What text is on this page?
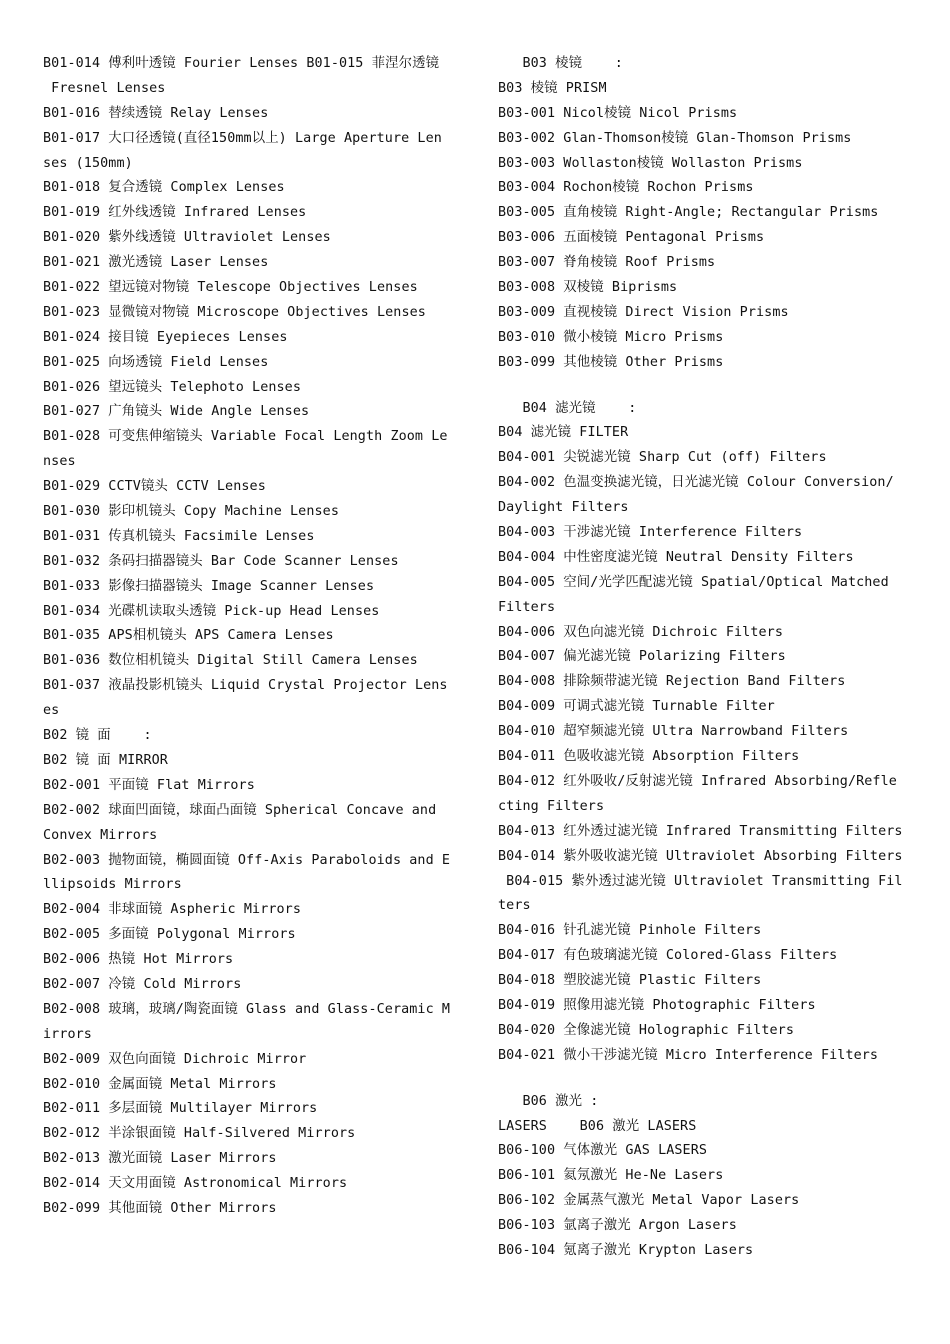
B01-014 傅利叶透镜 Fourier Lenses B01-015 菲涅尔透镜
Fresnel Lenses
B01-016 替续透镜 Relay Lenses
B01-017 大口径透镜(直径150mm以上) Large Aperture Len
ses (150mm)
B01-018 复合透镜 Complex Lenses
B01-019 红外线透镜 Infrared Lenses
B01-020 紫外线透镜 Ultraviolet Lenses
B01-021 激光透镜 Laser Lenses
B01-022 望远镜对物镜 Telescope Objectives Lenses
B01-023 显微镜对物镜 Microscope Objectives Lenses
B01-024 接目镜 Eyepieces Lenses
B01-025 向场透镜 Field Lenses
B01-026 望远镜头 Telephoto Lenses
B01-027 广角镜头 Wide Angle Lenses
B01-028 可变焦伸缩镜头 Variable Focal Length Zoom Le
nses
B01-029 CCTV镜头 CCTV Lenses
B01-030 影印机镜头 Copy Machine Lenses
B01-031 传真机镜头 Facsimile Lenses
B01-032 条码扫描器镜头 Bar Code Scanner Lenses
B01-033 影像扫描器镜头 Image Scanner Lenses
B01-034 光碟机读取头透镜 Pick-up Head Lenses
B01-035 APS相机镜头 APS Camera Lenses
B01-036 数位相机镜头 Digital Still Camera Lenses
B01-037 液晶投影机镜头 Liquid Crystal Projector Lens
es
B02 镜 面    :
B02 镜 面 MIRROR
B02-001 平面镜 Flat Mirrors
B02-002 球面凹面镜，球面凸面镜 Spherical Concave and
Convex Mirrors
B02-003 抛物面镜，椭圆面镜 Off-Axis Paraboloids and E
llipsoids Mirrors
B02-004 非球面镜 Aspheric Mirrors
B02-005 多面镜 Polygonal Mirrors
B02-006 热镜 Hot Mirrors
B02-007 冷镜 Cold Mirrors
B02-008 玻璃，玻璃/陶瓷面镜 Glass and Glass-Ceramic M
irrors
B02-009 双色向面镜 Dichroic Mirror
B02-010 金属面镜 Metal Mirrors
B02-011 多层面镜 Multilayer Mirrors
B02-012 半涂银面镜 Half-Silvered Mirrors
B02-013 激光面镜 Laser Mirrors
B02-014 天文用面镜 Astronomical Mirrors
B02-099 其他面镜 Other Mirrors
B03 棱镜    :
B03 棱镜 PRISM
B03-001 Nicol棱镜 Nicol Prisms
B03-002 Glan-Thomson棱镜 Glan-Thomson Prisms
B03-003 Wollaston棱镜 Wollaston Prisms
B03-004 Rochon棱镜 Rochon Prisms
B03-005 直角棱镜 Right-Angle; Rectangular Prisms
B03-006 五面棱镜 Pentagonal Prisms
B03-007 脊角棱镜 Roof Prisms
B03-008 双棱镜 Biprisms
B03-009 直视棱镜 Direct Vision Prisms
B03-010 微小棱镜 Micro Prisms
B03-099 其他棱镜 Other Prisms
B04 滤光镜    :
B04 滤光镜 FILTER
B04-001 尖锐滤光镜 Sharp Cut (off) Filters
B04-002 色温变换滤光镜，日光滤光镜 Colour Conversion/
Daylight Filters
B04-003 干涉滤光镜 Interference Filters
B04-004 中性密度滤光镜 Neutral Density Filters
B04-005 空间/光学匹配滤光镜 Spatial/Optical Matched
Filters
B04-006 双色向滤光镜 Dichroic Filters
B04-007 偏光滤光镜 Polarizing Filters
B04-008 排除频带滤光镜 Rejection Band Filters
B04-009 可调式滤光镜 Turnable Filter
B04-010 超窄频滤光镜 Ultra Narrowband Filters
B04-011 色吸收滤光镜 Absorption Filters
B04-012 红外吸收/反射滤光镜 Infrared Absorbing/Refle
cting Filters
B04-013 红外透过滤光镜 Infrared Transmitting Filters
B04-014 紫外吸收滤光镜 Ultraviolet Absorbing Filters
B04-015 紫外透过滤光镜 Ultraviolet Transmitting Fil
ters
B04-016 针孔滤光镜 Pinhole Filters
B04-017 有色玻璃滤光镜 Colored-Glass Filters
B04-018 塑胶滤光镜 Plastic Filters
B04-019 照像用滤光镜 Photographic Filters
B04-020 全像滤光镜 Holographic Filters
B04-021 微小干涉滤光镜 Micro Interference Filters
B06 激光 :
LASERS    B06 激光 LASERS
B06-100 气体激光 GAS LASERS
B06-101 氦氖激光 He-Ne Lasers
B06-102 金属蒸气激光 Metal Vapor Lasers
B06-103 氩离子激光 Argon Lasers
B06-104 氪离子激光 Krypton Lasers
